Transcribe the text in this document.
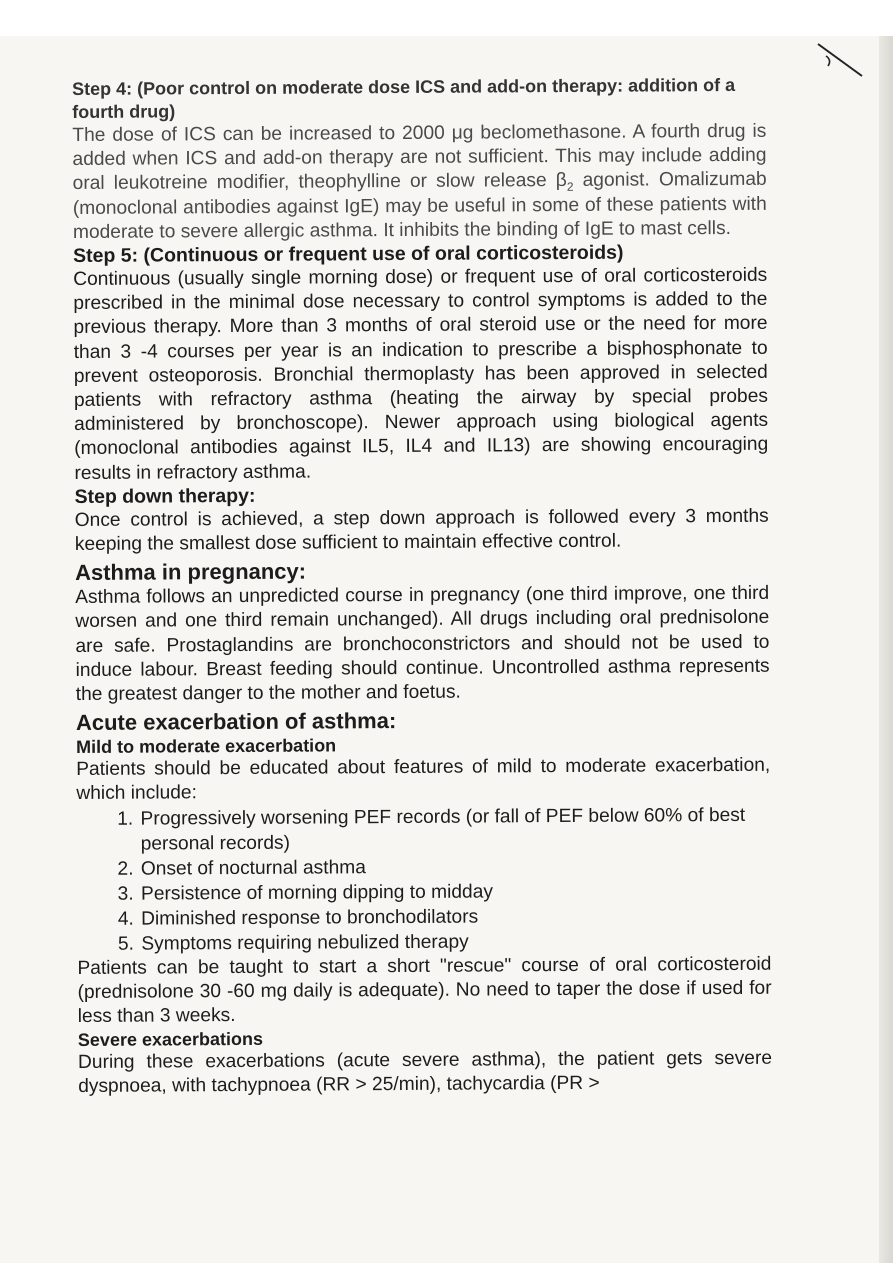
Step 4: (Poor control on moderate dose ICS and add-on therapy: addition of a fourth drug)

The dose of ICS can be increased to 2000 μg beclomethasone. A fourth drug is added when ICS and add-on therapy are not sufficient. This may include adding oral leukotreine modifier, theophylline or slow release $\beta_2$ agonist. Omalizumab (monoclonal antibodies against IgE) may be useful in some of these patients with moderate to severe allergic asthma. It inhibits the binding of IgE to mast cells.

Step 5: (Continuous or frequent use of oral corticosteroids)

Continuous (usually single morning dose) or frequent use of oral corticosteroids prescribed in the minimal dose necessary to control symptoms is added to the previous therapy. More than 3 months of oral steroid use or the need for more than 3 -4 courses per year is an indication to prescribe a bisphosphonate to prevent osteoporosis. Bronchial thermoplasty has been approved in selected patients with refractory asthma (heating the airway by special probes administered by bronchoscope). Newer approach using biological agents (monoclonal antibodies against IL5, IL4 and IL13) are showing encouraging results in refractory asthma.

Step down therapy:

Once control is achieved, a step down approach is followed every 3 months keeping the smallest dose sufficient to maintain effective control.

Asthma in pregnancy:

Asthma follows an unpredicted course in pregnancy (one third improve, one third worsen and one third remain unchanged). All drugs including oral prednisolone are safe. Prostaglandins are bronchoconstrictors and should not be used to induce labour. Breast feeding should continue. Uncontrolled asthma represents the greatest danger to the mother and foetus.

Acute exacerbation of asthma:
Mild to moderate exacerbation

Patients should be educated about features of mild to moderate exacerbation, which include:

1. Progressively worsening PEF records (or fall of PEF below 60% of best personal records)
2. Onset of nocturnal asthma
3. Persistence of morning dipping to midday
4. Diminished response to bronchodilators
5. Symptoms requiring nebulized therapy

Patients can be taught to start a short "rescue" course of oral corticosteroid (prednisolone 30 -60 mg daily is adequate). No need to taper the dose if used for less than 3 weeks.

Severe exacerbations

During these exacerbations (acute severe asthma), the patient gets severe dyspnoea, with tachypnoea (RR > 25/min), tachycardia (PR >
